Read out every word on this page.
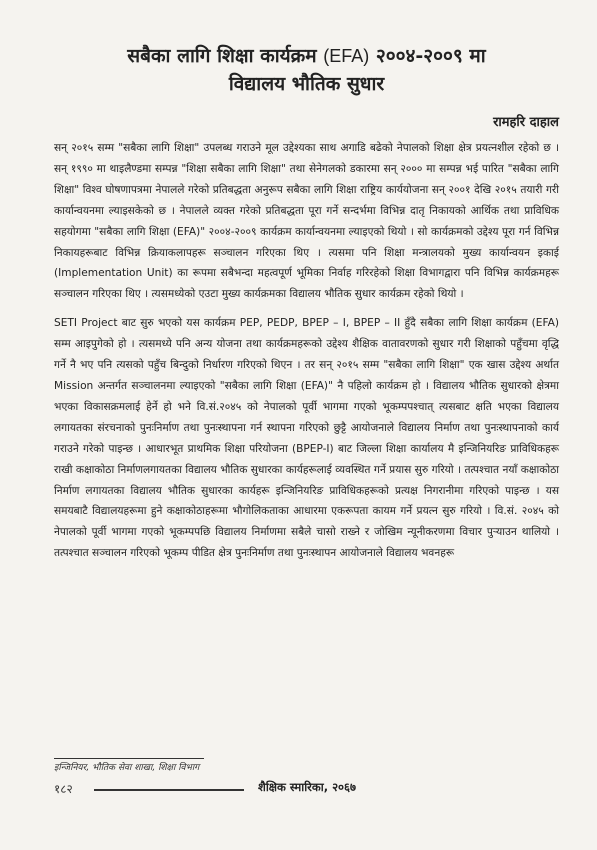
सबैका लागि शिक्षा कार्यक्रम (EFA) २००४-२००९ मा
विद्यालय भौतिक सुधार
रामहरि दाहाल

सन् २०१५ सम्म "सबैका लागि शिक्षा" उपलब्ध गराउने मूल उद्देश्यका साथ अगाडि बढेको नेपालको शिक्षा क्षेत्र प्रयत्नशील रहेको छ । सन् १९९० मा थाइलैण्डमा सम्पन्न "शिक्षा सबैका लागि शिक्षा" तथा सेनेगलको डकारमा सन् २००० मा सम्पन्न भई पारित "सबैका लागि शिक्षा" विश्व घोषणापत्रमा नेपालले गरेको प्रतिबद्धता अनुरूप सबैका लागि शिक्षा राष्ट्रिय कार्ययोजना सन् २००१ देखि २०१५ तयारी गरी कार्यान्वयनमा ल्याइसकेको छ । नेपालले व्यक्त गरेको प्रतिबद्धता पूरा गर्ने सन्दर्भमा विभिन्न दातृ निकायको आर्थिक तथा प्राविधिक सहयोगमा "सबैका लागि शिक्षा (EFA)" २००४-२००९ कार्यक्रम कार्यान्वयनमा ल्याइएको थियो । सो कार्यक्रमको उद्देश्य पूरा गर्न विभिन्न निकायहरूबाट विभिन्न क्रियाकलापहरू सञ्चालन गरिएका थिए । त्यसमा पनि शिक्षा मन्त्रालयको मुख्य कार्यान्वयन इकाई (Implementation Unit) का रूपमा सबैभन्दा महत्वपूर्ण भूमिका निर्वाह गरिरहेको शिक्षा विभागद्वारा पनि विभिन्न कार्यक्रमहरू सञ्चालन गरिएका थिए । त्यसमध्येको एउटा मुख्य कार्यक्रमका विद्यालय भौतिक सुधार कार्यक्रम रहेको थियो ।

SETI Project बाट सुरु भएको यस कार्यक्रम PEP, PEDP, BPEP – I, BPEP – II हुँदै सबैका लागि शिक्षा कार्यक्रम (EFA) सम्म आइपुगेको हो । त्यसमध्ये पनि अन्य योजना तथा कार्यक्रमहरूको उद्देश्य शैक्षिक वातावरणको सुधार गरी शिक्षाको पहुँचमा वृद्धि गर्ने नै भए पनि त्यसको पहुँच बिन्दुको निर्धारण गरिएको थिएन । तर सन् २०१५ सम्म "सबैका लागि शिक्षा" एक खास उद्देश्य अर्थात Mission अन्तर्गत सञ्चालनमा ल्याइएको "सबैका लागि शिक्षा (EFA)" नै पहिलो कार्यक्रम हो । विद्यालय भौतिक सुधारको क्षेत्रमा भएका विकासक्रमलाई हेर्ने हो भने वि.सं.२०४५ को नेपालको पूर्वी भागमा गएको भूकम्पपश्चात् त्यसबाट क्षति भएका विद्यालय लगायतका संरचनाको पुनःनिर्माण तथा पुनःस्थापना गर्न स्थापना गरिएको छुट्टै आयोजनाले विद्यालय निर्माण तथा पुनःस्थापनाको कार्य गराउने गरेको पाइन्छ । आधारभूत प्राथमिक शिक्षा परियोजना (BPEP-I) बाट जिल्ला शिक्षा कार्यालय मै इन्जिनियरिङ प्राविधिकहरू राखी कक्षाकोठा निर्माणलगायतका विद्यालय भौतिक सुधारका कार्यहरूलाई व्यवस्थित गर्ने प्रयास सुरु गरियो । तत्पश्चात नयाँ कक्षाकोठा निर्माण लगायतका विद्यालय भौतिक सुधारका कार्यहरू इन्जिनियरिङ प्राविधिकहरूको प्रत्यक्ष निगरानीमा गरिएको पाइन्छ । यस समयबाटै विद्यालयहरूमा हुने कक्षाकोठाहरूमा भौगोलिकताका आधारमा एकरूपता कायम गर्ने प्रयत्न सुरु गरियो । वि.सं. २०४५ को नेपालको पूर्वी भागमा गएको भूकम्पपछि विद्यालय निर्माणमा सबैले चासो राख्ने र जोखिम न्यूनीकरणमा विचार पुर्‍याउन थालियो । तत्पश्चात सञ्चालन गरिएको भूकम्प पीडित क्षेत्र पुनःनिर्माण तथा पुनःस्थापन आयोजनाले विद्यालय भवनहरू

इन्जिनियर, भौतिक सेवा शाखा, शिक्षा विभाग
१८२	शैक्षिक स्मारिका, २०६७
